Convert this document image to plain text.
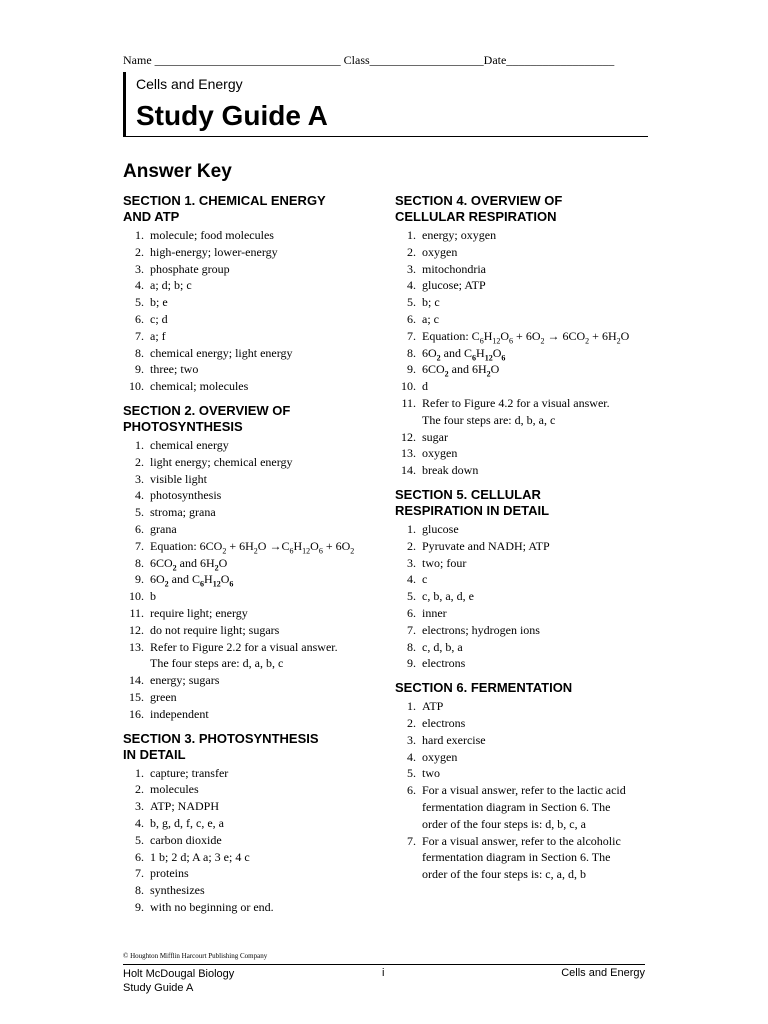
Name _______________________________ Class___________________Date__________________
Cells and Energy
Study Guide A
Answer Key
SECTION 1. CHEMICAL ENERGY
AND ATP
1. molecule; food molecules
2. high-energy; lower-energy
3. phosphate group
4. a; d; b; c
5. b; e
6. c; d
7. a; f
8. chemical energy; light energy
9. three; two
10. chemical; molecules
SECTION 2. OVERVIEW OF
PHOTOSYNTHESIS
1. chemical energy
2. light energy; chemical energy
3. visible light
4. photosynthesis
5. stroma; grana
6. grana
7. Equation: $6CO_2 + 6H_2O \to C_6H_{12}O_6 + 6O_2$
8. $6CO_2$ and $6H_2O$
9. $6O_2$ and $C_6H_{12}O_6$
10. b
11. require light; energy
12. do not require light; sugars
13. Refer to Figure 2.2 for a visual answer.
The four steps are: d, a, b, c
14. energy; sugars
15. green
16. independent
SECTION 3. PHOTOSYNTHESIS
IN DETAIL
1. capture; transfer
2. molecules
3. ATP; NADPH
4. b, g, d, f, c, e, a
5. carbon dioxide
6. 1 b; 2 d; A a; 3 e; 4 c
7. proteins
8. synthesizes
9. with no beginning or end.
SECTION 4. OVERVIEW OF
CELLULAR RESPIRATION
1. energy; oxygen
2. oxygen
3. mitochondria
4. glucose; ATP
5. b; c
6. a; c
7. Equation: $C_6H_{12}O_6 + 6O_2 \to 6CO_2 + 6H_2O$
8. $6O_2$ and $C_6H_{12}O_6$
9. $6CO_2$ and $6H_2O$
10. d
11. Refer to Figure 4.2 for a visual answer.
The four steps are: d, b, a, c
12. sugar
13. oxygen
14. break down
SECTION 5. CELLULAR
RESPIRATION IN DETAIL
1. glucose
2. Pyruvate and NADH; ATP
3. two; four
4. c
5. c, b, a, d, e
6. inner
7. electrons; hydrogen ions
8. c, d, b, a
9. electrons
SECTION 6. FERMENTATION
1. ATP
2. electrons
3. hard exercise
4. oxygen
5. two
6. For a visual answer, refer to the lactic acid
fermentation diagram in Section 6. The
order of the four steps is: d, b, c, a
7. For a visual answer, refer to the alcoholic
fermentation diagram in Section 6. The
order of the four steps is: c, a, d, b
© Houghton Mifflin Harcourt Publishing Company
Holt McDougal Biology
Study Guide A
i	Cells and Energy
